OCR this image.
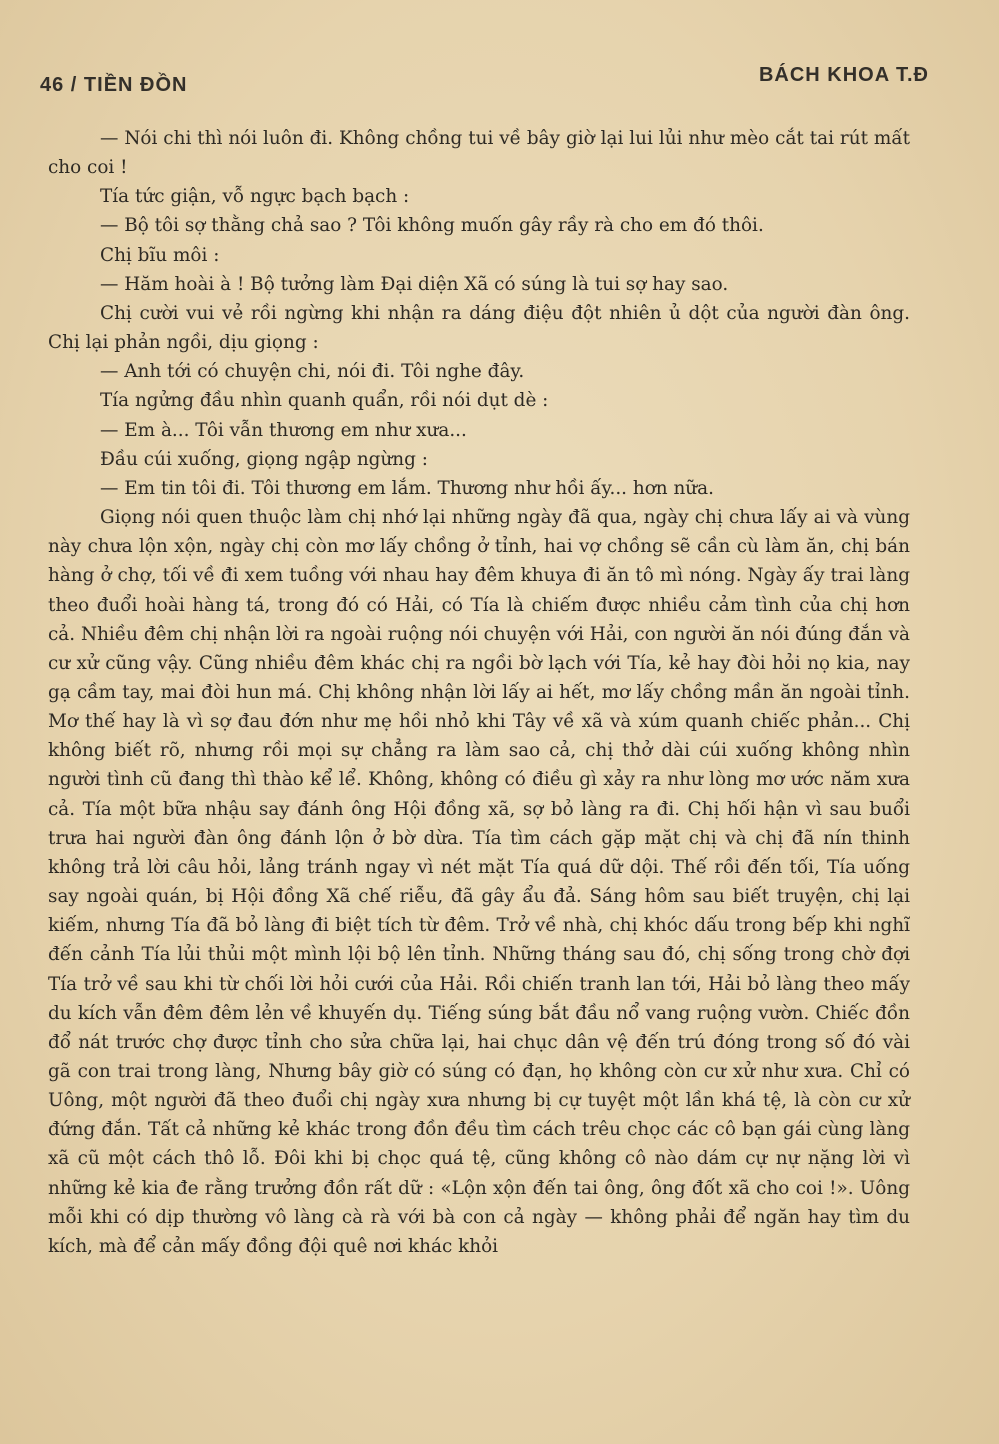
46 / TIỀN ĐỒN	BÁCH KHOA T.Đ

— Nói chi thì nói luôn đi. Không chồng tui về bây giờ lại lui lủi như mèo cắt tai rút mất cho coi !

Tía tức giận, vỗ ngực bạch bạch :

— Bộ tôi sợ thằng chả sao ? Tôi không muốn gây rầy rà cho em đó thôi.

Chị bĩu môi :

— Hăm hoài à ! Bộ tưởng làm Đại diện Xã có súng là tui sợ hay sao.

Chị cười vui vẻ rồi ngừng khi nhận ra dáng điệu đột nhiên ủ dột của người đàn ông. Chị lại phản ngồi, dịu giọng :

— Anh tới có chuyện chi, nói đi. Tôi nghe đây.

Tía ngửng đầu nhìn quanh quẩn, rồi nói dụt dè :

— Em à... Tôi vẫn thương em như xưa...

Đầu cúi xuống, giọng ngập ngừng :

— Em tin tôi đi. Tôi thương em lắm. Thương như hồi ấy... hơn nữa.

Giọng nói quen thuộc làm chị nhớ lại những ngày đã qua, ngày chị chưa lấy ai và vùng này chưa lộn xộn, ngày chị còn mơ lấy chồng ở tỉnh, hai vợ chồng sẽ cần cù làm ăn, chị bán hàng ở chợ, tối về đi xem tuồng với nhau hay đêm khuya đi ăn tô mì nóng. Ngày ấy trai làng theo đuổi hoài hàng tá, trong đó có Hải, có Tía là chiếm được nhiều cảm tình của chị hơn cả. Nhiều đêm chị nhận lời ra ngoài ruộng nói chuyện với Hải, con người ăn nói đúng đắn và cư xử cũng vậy. Cũng nhiều đêm khác chị ra ngồi bờ lạch với Tía, kẻ hay đòi hỏi nọ kia, nay gạ cầm tay, mai đòi hun má. Chị không nhận lời lấy ai hết, mơ lấy chồng mần ăn ngoài tỉnh. Mơ thế hay là vì sợ đau đớn như mẹ hồi nhỏ khi Tây về xã và xúm quanh chiếc phản... Chị không biết rõ, nhưng rồi mọi sự chẳng ra làm sao cả, chị thở dài cúi xuống không nhìn người tình cũ đang thì thào kể lể. Không, không có điều gì xảy ra như lòng mơ ước năm xưa cả. Tía một bữa nhậu say đánh ông Hội đồng xã, sợ bỏ làng ra đi. Chị hối hận vì sau buổi trưa hai người đàn ông đánh lộn ở bờ dừa. Tía tìm cách gặp mặt chị và chị đã nín thinh không trả lời câu hỏi, lảng tránh ngay vì nét mặt Tía quá dữ dội. Thế rồi đến tối, Tía uống say ngoài quán, bị Hội đồng Xã chế riễu, đã gây ẩu đả. Sáng hôm sau biết truyện, chị lại kiếm, nhưng Tía đã bỏ làng đi biệt tích từ đêm. Trở về nhà, chị khóc dấu trong bếp khi nghĩ đến cảnh Tía lủi thủi một mình lội bộ lên tỉnh. Những tháng sau đó, chị sống trong chờ đợi Tía trở về sau khi từ chối lời hỏi cưới của Hải. Rồi chiến tranh lan tới, Hải bỏ làng theo mấy du kích vẫn đêm đêm lẻn về khuyến dụ. Tiếng súng bắt đầu nổ vang ruộng vườn. Chiếc đồn đổ nát trước chợ được tỉnh cho sửa chữa lại, hai chục dân vệ đến trú đóng trong số đó vài gã con trai trong làng, Nhưng bây giờ có súng có đạn, họ không còn cư xử như xưa. Chỉ có Uông, một người đã theo đuổi chị ngày xưa nhưng bị cự tuyệt một lần khá tệ, là còn cư xử đứng đắn. Tất cả những kẻ khác trong đồn đều tìm cách trêu chọc các cô bạn gái cùng làng xã cũ một cách thô lỗ. Đôi khi bị chọc quá tệ, cũng không cô nào dám cự nự nặng lời vì những kẻ kia đe rằng trưởng đồn rất dữ : «Lộn xộn đến tai ông, ông đốt xã cho coi !». Uông mỗi khi có dịp thường vô làng cà rà với bà con cả ngày — không phải để ngăn hay tìm du kích, mà để cản mấy đồng đội quê nơi khác khỏi
